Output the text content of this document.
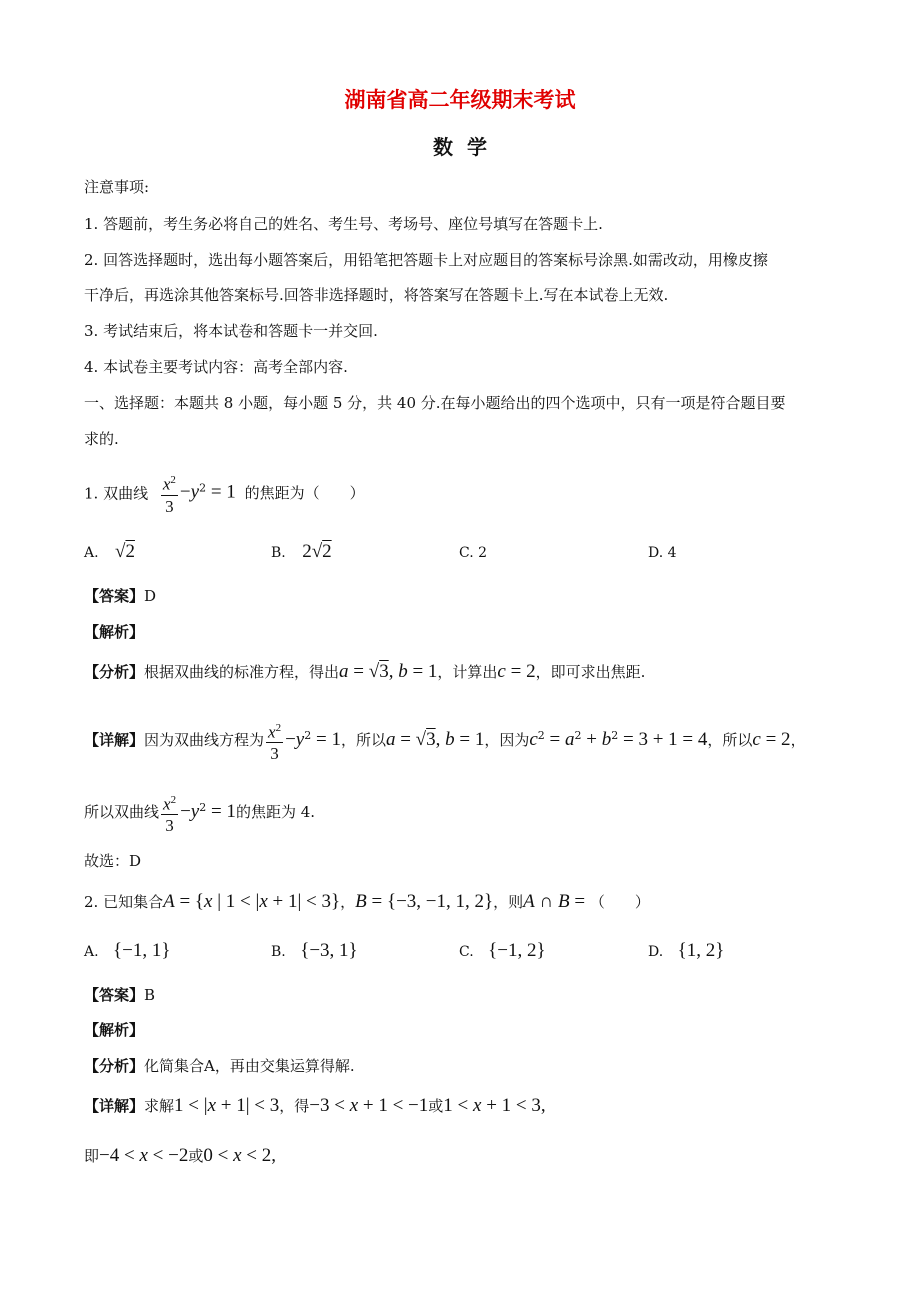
湖南省高二年级期末考试
数  学
注意事项:
1. 答题前，考生务必将自己的姓名、考生号、考场号、座位号填写在答题卡上.
2. 回答选择题时，选出每小题答案后，用铅笔把答题卡上对应题目的答案标号涂黑.如需改动，用橡皮擦
干净后，再选涂其他答案标号.回答非选择题时，将答案写在答题卡上.写在本试卷上无效.
3. 考试结束后，将本试卷和答题卡一并交回.
4. 本试卷主要考试内容：高考全部内容.
一、选择题：本题共 8 小题，每小题 5 分，共 40 分.在每小题给出的四个选项中，只有一项是符合题目要
求的.
1. 双曲线 $\frac{x^2}{3} -y^2 = 1$ 的焦距为（　　）
A. √2	B. 2√2	C. 2	D. 4
【答案】D
【解析】
【分析】根据双曲线的标准方程，得出a = √3, b = 1，计算出c = 2，即可求出焦距.
【详解】因为双曲线方程为 $\frac{x^2}{3} -y^2 = 1$，所以a = √3, b = 1，因为$c^2 = a^2 + b^2 = 3 + 1 = 4$，所以c = 2，
所以双曲线 $\frac{x^2}{3} -y^2 = 1$的焦距为 4.
故选：D
2. 已知集合A = {x | 1 < |x + 1| < 3}，B = {−3, −1, 1, 2}，则A ∩ B = （　　）
A. {−1, 1}	B. {−3, 1}	C. {−1, 2}	D. {1, 2}
【答案】B
【解析】
【分析】化简集合A，再由交集运算得解.
【详解】求解1 < |x + 1| < 3，得−3 < x + 1 < −1或1 < x + 1 < 3,
即−4 < x < −2或0 < x < 2,
